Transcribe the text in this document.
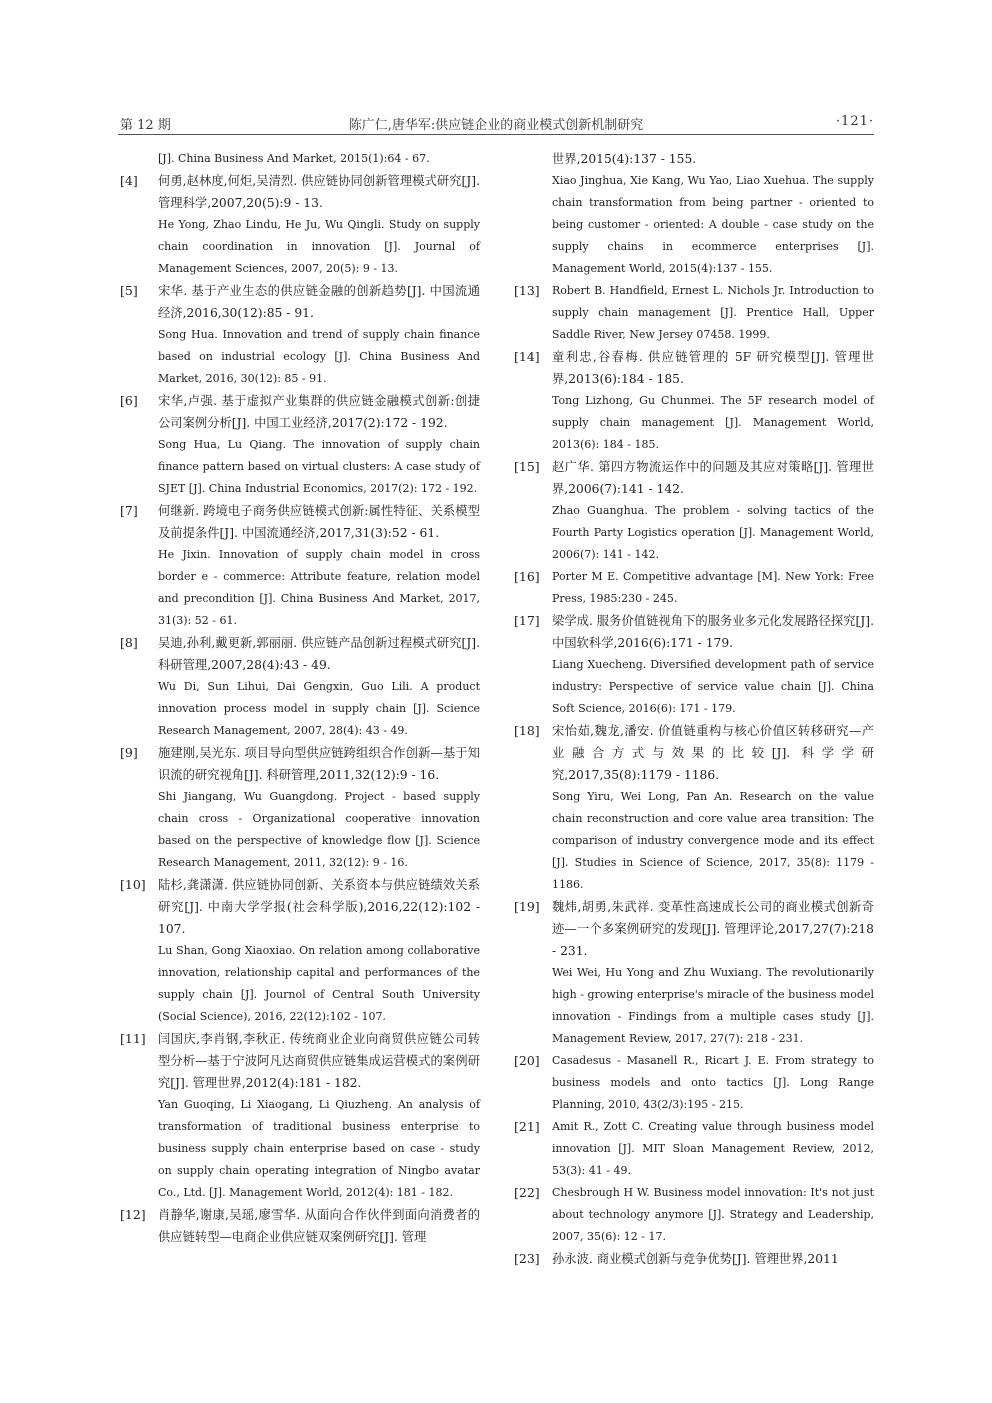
第 12 期	陈广仁,唐华军:供应链企业的商业模式创新机制研究	·121·

[J]. China Business And Market, 2015(1):64 - 67.

[4] 何勇,赵林度,何炬,吴清烈. 供应链协同创新管理模式研究[J]. 管理科学,2007,20(5):9 - 13.

He Yong, Zhao Lindu, He Ju, Wu Qingli. Study on supply chain coordination in innovation [J]. Journal of Management Sciences, 2007, 20(5): 9 - 13.

[5] 宋华. 基于产业生态的供应链金融的创新趋势[J]. 中国流通经济,2016,30(12):85 - 91.

Song Hua. Innovation and trend of supply chain finance based on industrial ecology [J]. China Business And Market, 2016, 30(12): 85 - 91.

[6] 宋华,卢强. 基于虚拟产业集群的供应链金融模式创新:创捷公司案例分析[J]. 中国工业经济,2017(2):172 - 192.

Song Hua, Lu Qiang. The innovation of supply chain finance pattern based on virtual clusters: A case study of SJET [J]. China Industrial Economics, 2017(2): 172 - 192.

[7] 何继新. 跨境电子商务供应链模式创新:属性特征、关系模型及前提条件[J]. 中国流通经济,2017,31(3):52 - 61.

He Jixin. Innovation of supply chain model in cross border e - commerce: Attribute feature, relation model and precondition [J]. China Business And Market, 2017, 31(3): 52 - 61.

[8] 吴迪,孙利,戴更新,郭丽丽. 供应链产品创新过程模式研究[J]. 科研管理,2007,28(4):43 - 49.

Wu Di, Sun Lihui, Dai Gengxin, Guo Lili. A product innovation process model in supply chain [J]. Science Research Management, 2007, 28(4): 43 - 49.

[9] 施建刚,吴光东. 项目导向型供应链跨组织合作创新—基于知识流的研究视角[J]. 科研管理,2011,32(12):9 - 16.

Shi Jiangang, Wu Guangdong. Project - based supply chain cross - Organizational cooperative innovation based on the perspective of knowledge flow [J]. Science Research Management, 2011, 32(12): 9 - 16.

[10] 陆杉,龚潇潇. 供应链协同创新、关系资本与供应链绩效关系研究[J]. 中南大学学报(社会科学版),2016,22(12):102 - 107.

Lu Shan, Gong Xiaoxiao. On relation among collaborative innovation, relationship capital and performances of the supply chain [J]. Journol of Central South University (Social Science), 2016, 22(12):102 - 107.

[11] 闫国庆,李肖钢,李秋正. 传统商业企业向商贸供应链公司转型分析—基于宁波阿凡达商贸供应链集成运营模式的案例研究[J]. 管理世界,2012(4):181 - 182.

Yan Guoqing, Li Xiaogang, Li Qiuzheng. An analysis of transformation of traditional business enterprise to business supply chain enterprise based on case - study on supply chain operating integration of Ningbo avatar Co., Ltd. [J]. Management World, 2012(4): 181 - 182.

[12] 肖静华,谢康,吴瑶,廖雪华. 从面向合作伙伴到面向消费者的供应链转型—电商企业供应链双案例研究[J]. 管理

世界,2015(4):137 - 155.

Xiao Jinghua, Xie Kang, Wu Yao, Liao Xuehua. The supply chain transformation from being partner - oriented to being customer - oriented: A double - case study on the supply chains in ecommerce enterprises [J]. Management World, 2015(4):137 - 155.

[13] Robert B. Handfield, Ernest L. Nichols Jr. Introduction to supply chain management [J]. Prentice Hall, Upper Saddle River, New Jersey 07458. 1999.

[14] 童利忠,谷春梅. 供应链管理的 5F 研究模型[J]. 管理世界,2013(6):184 - 185.

Tong Lizhong, Gu Chunmei. The 5F research model of supply chain management [J]. Management World, 2013(6): 184 - 185.

[15] 赵广华. 第四方物流运作中的问题及其应对策略[J]. 管理世界,2006(7):141 - 142.

Zhao Guanghua. The problem - solving tactics of the Fourth Party Logistics operation [J]. Management World, 2006(7): 141 - 142.

[16] Porter M E. Competitive advantage [M]. New York: Free Press, 1985:230 - 245.

[17] 梁学成. 服务价值链视角下的服务业多元化发展路径探究[J]. 中国软科学,2016(6):171 - 179.

Liang Xuecheng. Diversified development path of service industry: Perspective of service value chain [J]. China Soft Science, 2016(6): 171 - 179.

[18] 宋怡茹,魏龙,潘安. 价值链重构与核心价值区转移研究—产业融合方式与效果的比较[J]. 科学学研究,2017,35(8):1179 - 1186.

Song Yiru, Wei Long, Pan An. Research on the value chain reconstruction and core value area transition: The comparison of industry convergence mode and its effect [J]. Studies in Science of Science, 2017, 35(8): 1179 - 1186.

[19] 魏炜,胡勇,朱武祥. 变革性高速成长公司的商业模式创新奇迹—一个多案例研究的发现[J]. 管理评论,2017,27(7):218 - 231.

Wei Wei, Hu Yong and Zhu Wuxiang. The revolutionarily high - growing enterprise's miracle of the business model innovation - Findings from a multiple cases study [J]. Management Review, 2017, 27(7): 218 - 231.

[20] Casadesus - Masanell R., Ricart J. E. From strategy to business models and onto tactics [J]. Long Range Planning, 2010, 43(2/3):195 - 215.

[21] Amit R., Zott C. Creating value through business model innovation [J]. MIT Sloan Management Review, 2012, 53(3): 41 - 49.

[22] Chesbrough H W. Business model innovation: It's not just about technology anymore [J]. Strategy and Leadership, 2007, 35(6): 12 - 17.

[23] 孙永波. 商业模式创新与竞争优势[J]. 管理世界,2011
